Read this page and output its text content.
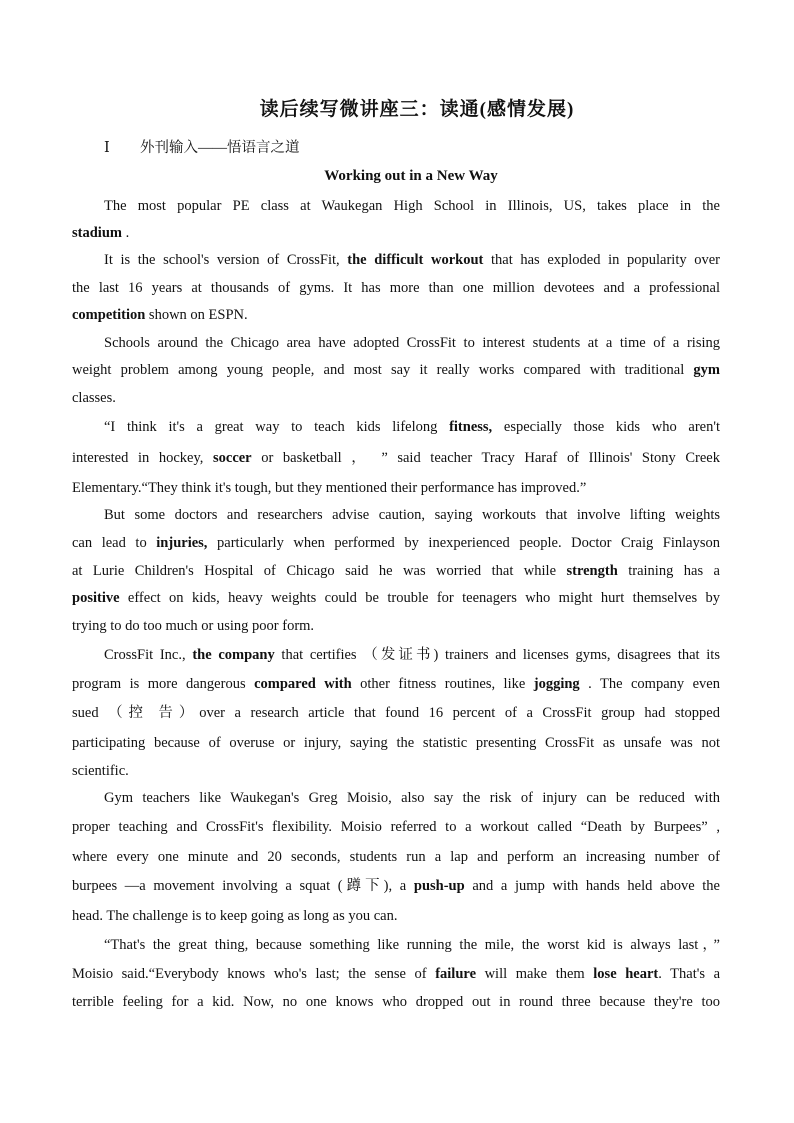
读后续写微讲座三：读通(感情发展)
Ⅰ 外刊输入——悟语言之道
Working out in a New Way
The most popular PE class at Waukegan High School in Illinois, US, takes place in the
stadium .
It is the school's version of CrossFit, the difficult workout that has exploded in popularity over
the last 16 years at thousands of gyms. It has more than one million devotees and a professional
competition shown on ESPN.
Schools around the Chicago area have adopted CrossFit to interest students at a time of a rising
weight problem among young people, and most say it really works compared with traditional gym
classes.
“I think it's a great way to teach kids lifelong fitness, especially those kids who aren't
interested in hockey, soccer or basketball ， ” said teacher Tracy Haraf of Illinois' Stony Creek
Elementary.“They think it's tough, but they mentioned their performance has improved.”
But some doctors and researchers advise caution, saying workouts that involve lifting weights
can lead to injuries, particularly when performed by inexperienced people. Doctor Craig Finlayson
at Lurie Children's Hospital of Chicago said he was worried that while strength training has a
positive effect on kids, heavy weights could be trouble for teenagers who might hurt themselves by
trying to do too much or using poor form.
CrossFit Inc., the company that certifies （发证书) trainers and licenses gyms, disagrees that its
program is more dangerous compared with other fitness routines, like jogging . The company even
sued （控 告）over a research article that found 16 percent of a CrossFit group had stopped
participating because of overuse or injury, saying the statistic presenting CrossFit as unsafe was not
scientific.
Gym teachers like Waukegan's Greg Moisio, also say the risk of injury can be reduced with
proper teaching and CrossFit's flexibility. Moisio referred to a workout called “Death by Burpees” ,
where every one minute and 20 seconds, students run a lap and perform an increasing number of
burpees —a movement involving a squat (蹲下), a push-up and a jump with hands held above the
head. The challenge is to keep going as long as you can.
“That's the great thing, because something like running the mile, the worst kid is always last，”
Moisio said.“Everybody knows who's last; the sense of failure will make them lose heart. That's a
terrible feeling for a kid. Now, no one knows who dropped out in round three because they're too
